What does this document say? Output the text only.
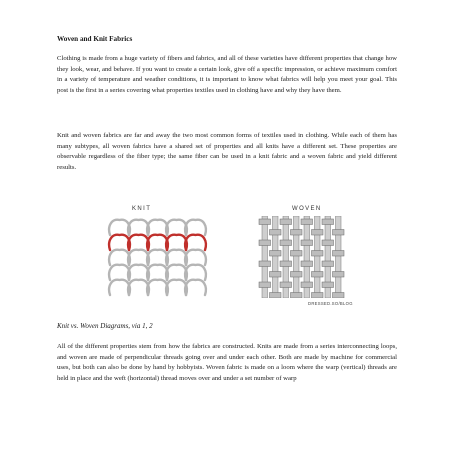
Woven and Knit Fabrics

Clothing is made from a huge variety of fibers and fabrics, and all of these varieties have different properties that change how they look, wear, and behave. If you want to create a certain look, give off a specific impression, or achieve maximum comfort in a variety of temperature and weather conditions, it is important to know what fabrics will help you meet your goal. This post is the first in a series covering what properties textiles used in clothing have and why they have them.

Knit and woven fabrics are far and away the two most common forms of textiles used in clothing. While each of them has many subtypes, all woven fabrics have a shared set of properties and all knits have a different set. These properties are observable regardless of the fiber type; the same fiber can be used in a knit fabric and a woven fabric and yield different results.

KNIT	WOVEN
DRESSED.SO/BLOG
Knit vs. Woven Diagrams, via 1, 2

All of the different properties stem from how the fabrics are constructed. Knits are made from a series interconnecting loops, and woven are made of perpendicular threads going over and under each other. Both are made by machine for commercial uses, but both can also be done by hand by hobbyists. Woven fabric is made on a loom where the warp (vertical) threads are held in place and the weft (horizontal) thread moves over and under a set number of warp
